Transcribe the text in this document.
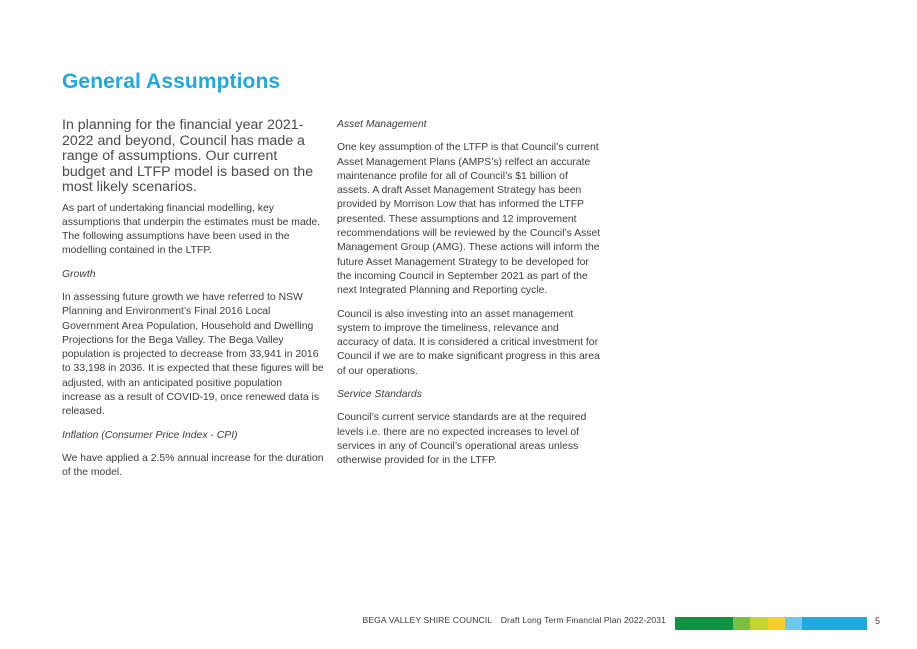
General Assumptions

In planning for the financial year 2021-2022 and beyond, Council has made a range of assumptions. Our current budget and LTFP model is based on the most likely scenarios.

As part of undertaking financial modelling, key assumptions that underpin the estimates must be made. The following assumptions have been used in the modelling contained in the LTFP.

Growth

In assessing future growth we have referred to NSW Planning and Environment’s Final 2016 Local Government Area Population, Household and Dwelling Projections for the Bega Valley. The Bega Valley population is projected to decrease from 33,941 in 2016 to 33,198 in 2036. It is expected that these figures will be adjusted, with an anticipated positive population increase as a result of COVID-19, once renewed data is released.

Inflation (Consumer Price Index - CPI)

We have applied a 2.5% annual increase for the duration of the model.

Asset Management

One key assumption of the LTFP is that Council’s current Asset Management Plans (AMPS’s) relfect an accurate maintenance profile for all of Council’s $1 billion of assets. A draft Asset Management Strategy has been provided by Morrison Low that has informed the LTFP presented. These assumptions and 12 improvement recommendations will be reviewed by the Council’s Asset Management Group (AMG). These actions will inform the future Asset Management Strategy to be developed for the incoming Council in September 2021 as part of the next Integrated Planning and Reporting cycle.

Council is also investing into an asset management system to improve the timeliness, relevance and accuracy of data. It is considered a critical investment for Council if we are to make significant progress in this area of our operations.

Service Standards

Council’s current service standards are at the required levels i.e. there are no expected increases to level of services in any of Council’s operational areas unless otherwise provided for in the LTFP.

BEGA VALLEY SHIRE COUNCIL Draft Long Term Financial Plan 2022-2031	5
